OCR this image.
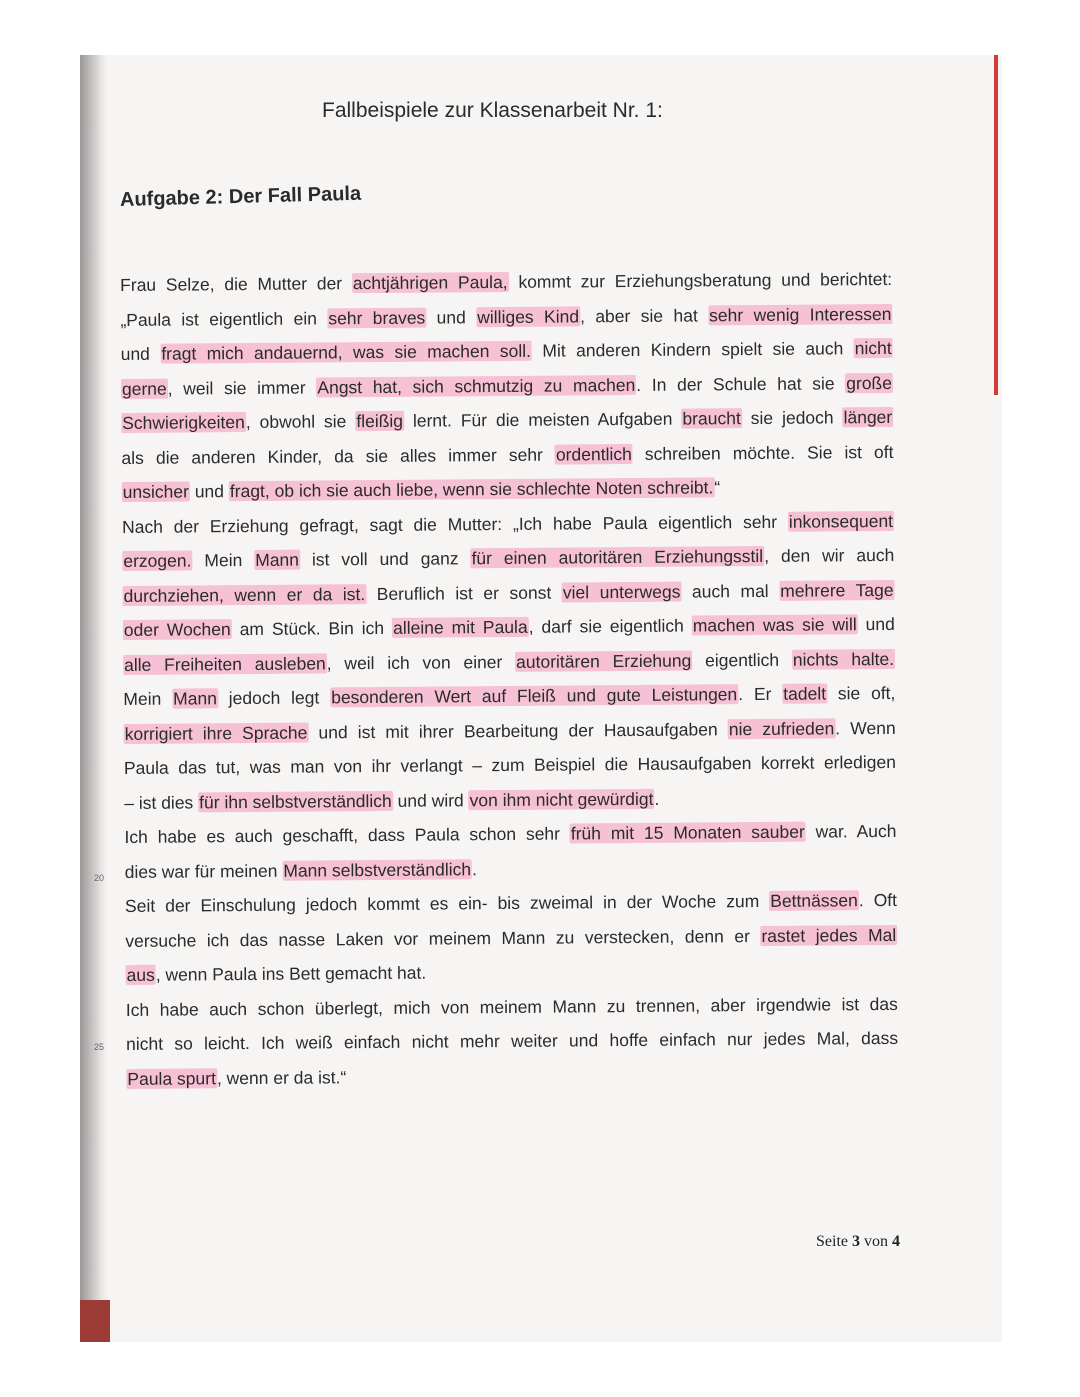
Fallbeispiele zur Klassenarbeit Nr. 1:
Aufgabe 2: Der Fall Paula
Frau Selze, die Mutter der achtjährigen Paula, kommt zur Erziehungsberatung und berichtet:
„Paula ist eigentlich ein sehr braves und williges Kind, aber sie hat sehr wenig Interessen
und fragt mich andauernd, was sie machen soll. Mit anderen Kindern spielt sie auch nicht
gerne, weil sie immer Angst hat, sich schmutzig zu machen. In der Schule hat sie große
Schwierigkeiten, obwohl sie fleißig lernt. Für die meisten Aufgaben braucht sie jedoch länger
als die anderen Kinder, da sie alles immer sehr ordentlich schreiben möchte. Sie ist oft
unsicher und fragt, ob ich sie auch liebe, wenn sie schlechte Noten schreibt.“
Nach der Erziehung gefragt, sagt die Mutter: „Ich habe Paula eigentlich sehr inkonsequent
erzogen. Mein Mann ist voll und ganz für einen autoritären Erziehungsstil, den wir auch
durchziehen, wenn er da ist. Beruflich ist er sonst viel unterwegs auch mal mehrere Tage
oder Wochen am Stück. Bin ich alleine mit Paula, darf sie eigentlich machen was sie will und
alle Freiheiten ausleben, weil ich von einer autoritären Erziehung eigentlich nichts halte.
Mein Mann jedoch legt besonderen Wert auf Fleiß und gute Leistungen. Er tadelt sie oft,
korrigiert ihre Sprache und ist mit ihrer Bearbeitung der Hausaufgaben nie zufrieden. Wenn
Paula das tut, was man von ihr verlangt – zum Beispiel die Hausaufgaben korrekt erledigen
– ist dies für ihn selbstverständlich und wird von ihm nicht gewürdigt.
Ich habe es auch geschafft, dass Paula schon sehr früh mit 15 Monaten sauber war. Auch
dies war für meinen Mann selbstverständlich.
Seit der Einschulung jedoch kommt es ein- bis zweimal in der Woche zum Bettnässen. Oft
versuche ich das nasse Laken vor meinem Mann zu verstecken, denn er rastet jedes Mal
aus, wenn Paula ins Bett gemacht hat.
Ich habe auch schon überlegt, mich von meinem Mann zu trennen, aber irgendwie ist das
nicht so leicht. Ich weiß einfach nicht mehr weiter und hoffe einfach nur jedes Mal, dass
Paula spurt, wenn er da ist.“
20
25
Seite 3 von 4
